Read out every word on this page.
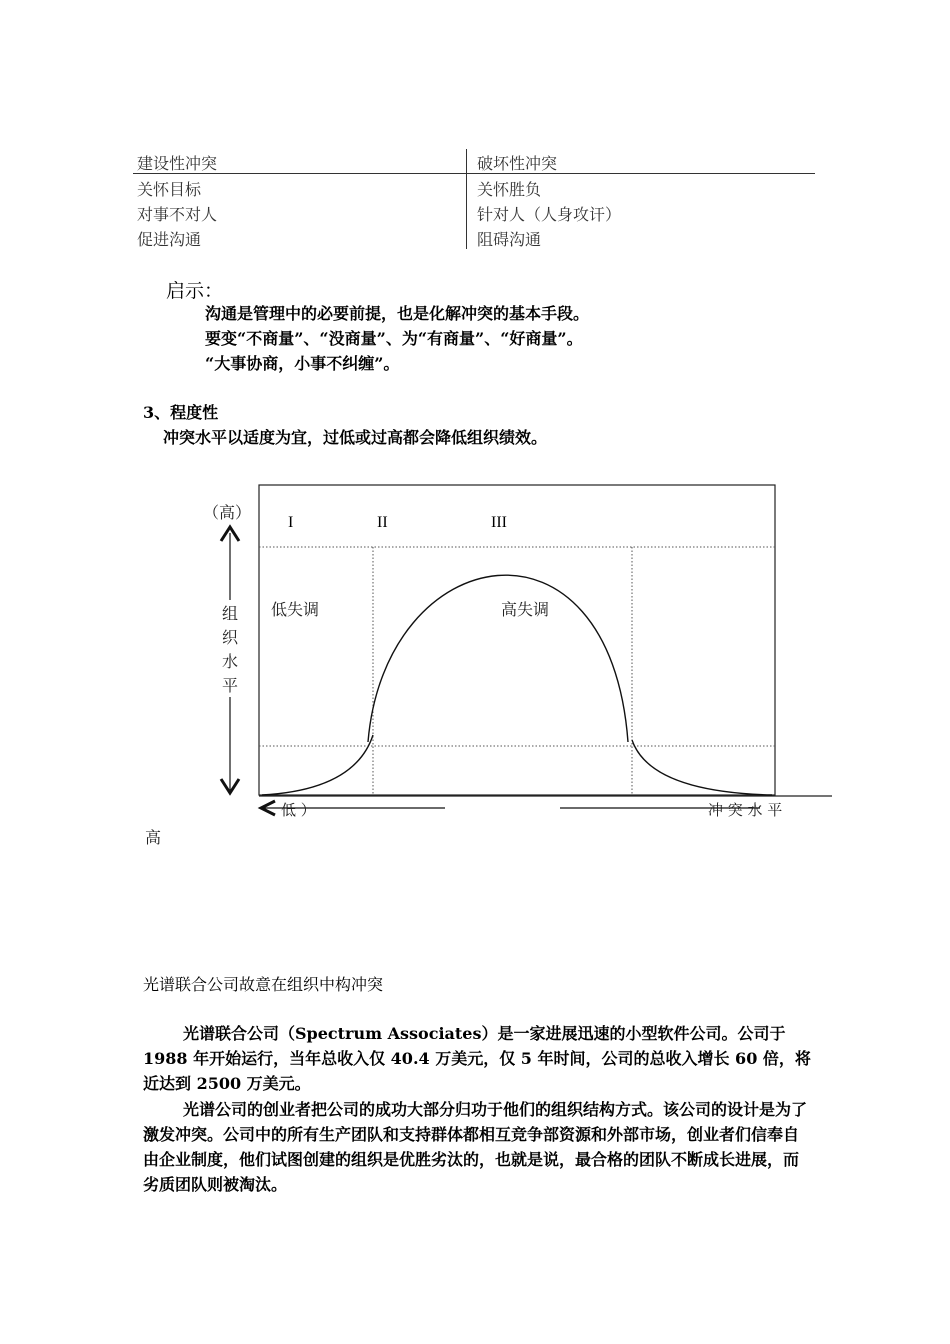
建设性冲突	破坏性冲突
关怀目标	关怀胜负
对事不对人	针对人（人身攻讦）
促进沟通	阻碍沟通
启示：
沟通是管理中的必要前提，也是化解冲突的基本手段。
要变“不商量”、“没商量”、为“有商量”、“好商量”。
“大事协商，小事不纠缠”。
3、程度性
冲突水平以适度为宜，过低或过高都会降低组织绩效。
（高）
组
织
水
平
I	II	III
低失调	高失调
低 ）	冲 突 水 平
高
光谱联合公司故意在组织中构冲突
光谱联合公司（Spectrum Associates）是一家进展迅速的小型软件公司。公司于 1988 年开始运行，当年总收入仅 40.4 万美元，仅 5 年时间，公司的总收入增长 60 倍，将近达到 2500 万美元。
光谱公司的创业者把公司的成功大部分归功于他们的组织结构方式。该公司的设计是为了激发冲突。公司中的所有生产团队和支持群体都相互竞争部资源和外部市场，创业者们信奉自由企业制度，他们试图创建的组织是优胜劣汰的，也就是说，最合格的团队不断成长进展，而劣质团队则被淘汰。
